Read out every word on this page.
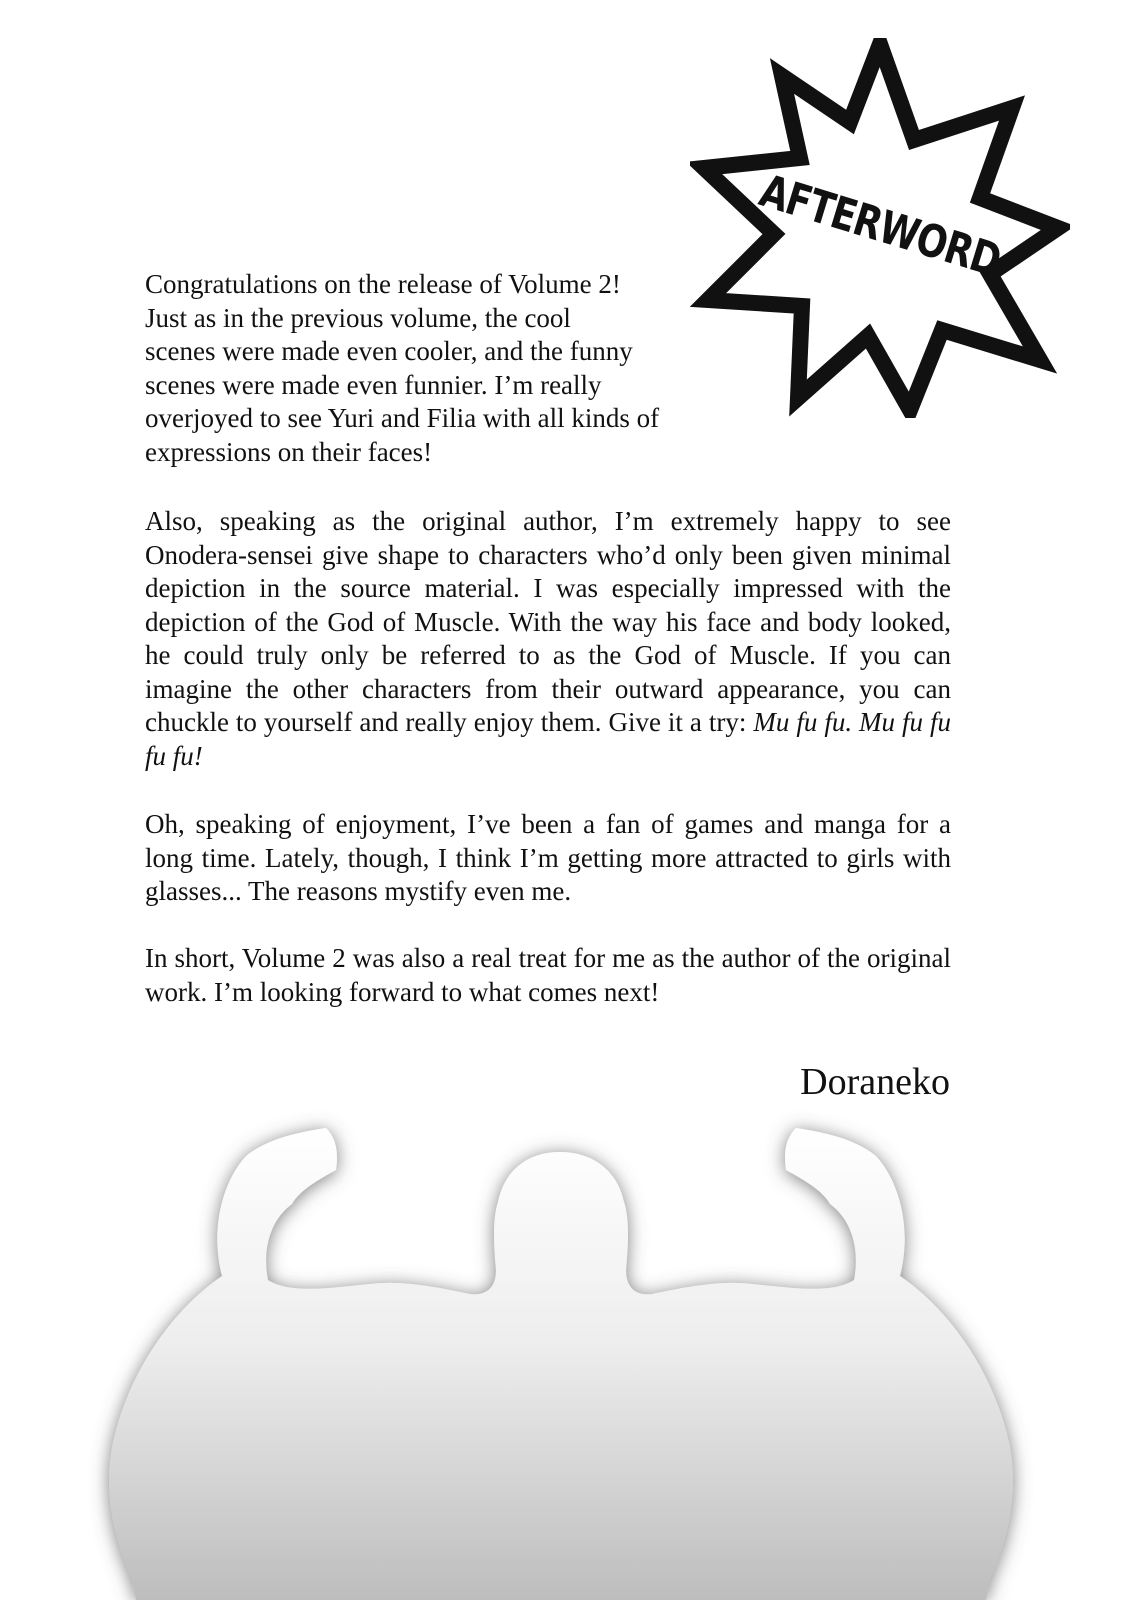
AFTERWORD
Congratulations on the release of Volume 2!
Just as in the previous volume, the cool
scenes were made even cooler, and the funny
scenes were made even funnier. I’m really
overjoyed to see Yuri and Filia with all kinds of
expressions on their faces!
Also, speaking as the original author, I’m extremely happy to see Onodera-sensei give shape to characters who’d only been given minimal depiction in the source material. I was especially impressed with the depiction of the God of Muscle. With the way his face and body looked, he could truly only be referred to as the God of Muscle. If you can imagine the other characters from their outward appearance, you can chuckle to yourself and really enjoy them. Give it a try: Mu fu fu. Mu fu fu fu fu!
Oh, speaking of enjoyment, I’ve been a fan of games and manga for a long time. Lately, though, I think I’m getting more attracted to girls with glasses... The reasons mystify even me.
In short, Volume 2 was also a real treat for me as the author of the original work. I’m looking forward to what comes next!
Doraneko
